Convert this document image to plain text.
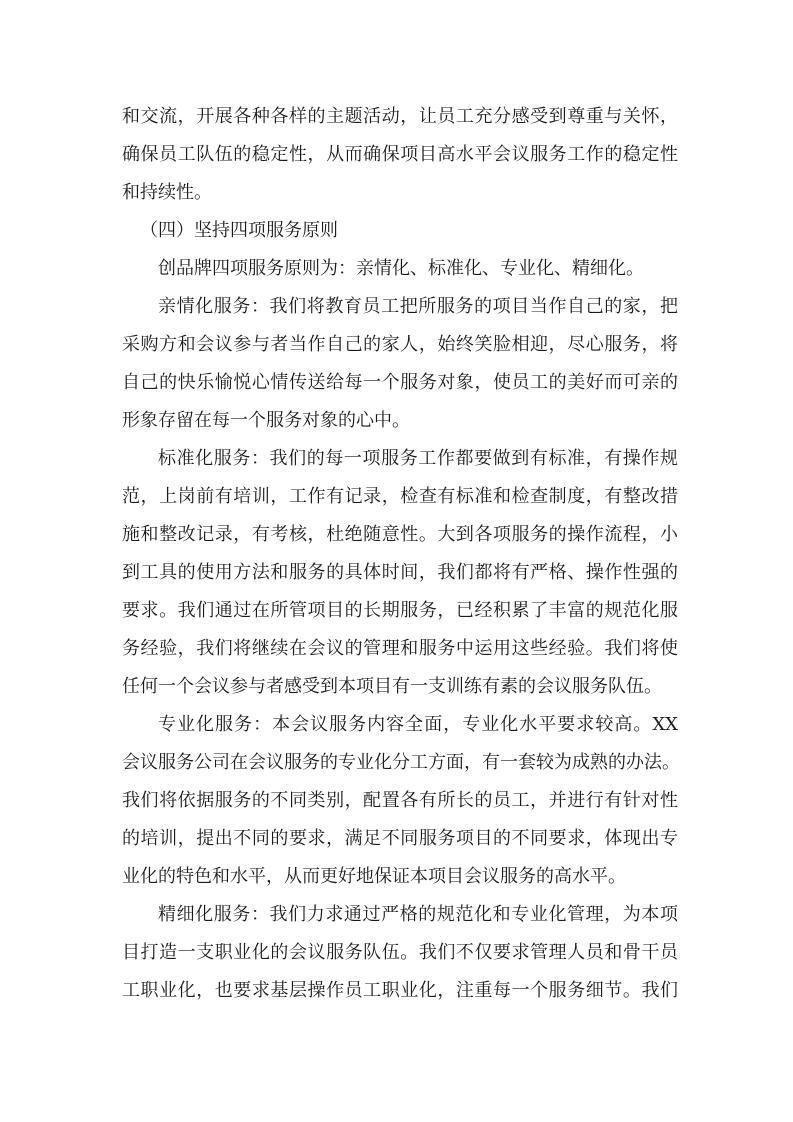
和交流，开展各种各样的主题活动，让员工充分感受到尊重与关怀，
确保员工队伍的稳定性，从而确保项目高水平会议服务工作的稳定性
和持续性。
（四）坚持四项服务原则
创品牌四项服务原则为：亲情化、标准化、专业化、精细化。
亲情化服务：我们将教育员工把所服务的项目当作自己的家，把
采购方和会议参与者当作自己的家人，始终笑脸相迎，尽心服务，将
自己的快乐愉悦心情传送给每一个服务对象，使员工的美好而可亲的
形象存留在每一个服务对象的心中。
标准化服务：我们的每一项服务工作都要做到有标准，有操作规
范，上岗前有培训，工作有记录，检查有标准和检查制度，有整改措
施和整改记录，有考核，杜绝随意性。大到各项服务的操作流程，小
到工具的使用方法和服务的具体时间，我们都将有严格、操作性强的
要求。我们通过在所管项目的长期服务，已经积累了丰富的规范化服
务经验，我们将继续在会议的管理和服务中运用这些经验。我们将使
任何一个会议参与者感受到本项目有一支训练有素的会议服务队伍。
专业化服务：本会议服务内容全面，专业化水平要求较高。XX
会议服务公司在会议服务的专业化分工方面，有一套较为成熟的办法。
我们将依据服务的不同类别，配置各有所长的员工，并进行有针对性
的培训，提出不同的要求，满足不同服务项目的不同要求，体现出专
业化的特色和水平，从而更好地保证本项目会议服务的高水平。
精细化服务：我们力求通过严格的规范化和专业化管理，为本项
目打造一支职业化的会议服务队伍。我们不仅要求管理人员和骨干员
工职业化，也要求基层操作员工职业化，注重每一个服务细节。我们
